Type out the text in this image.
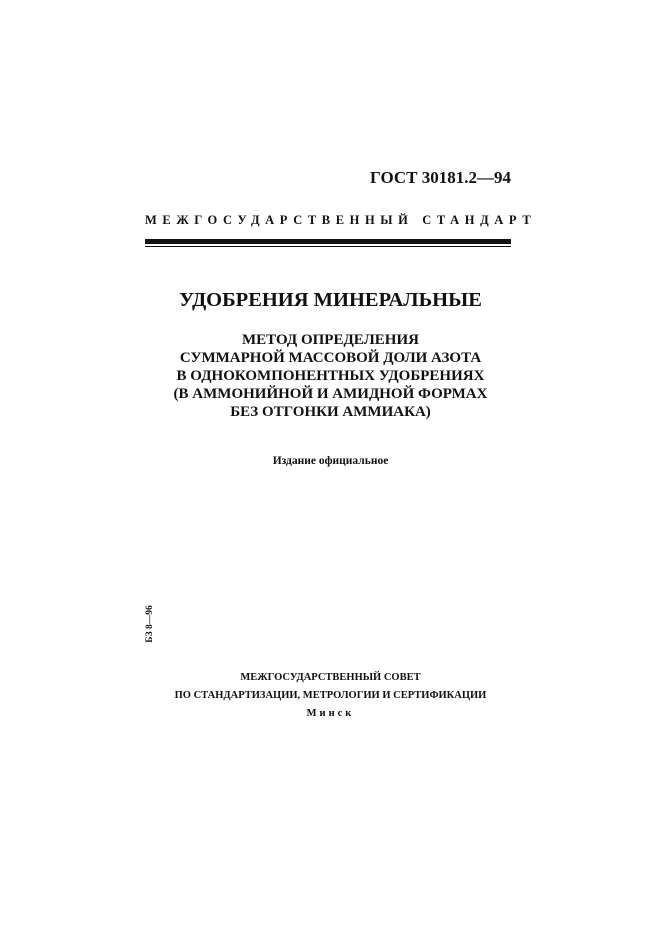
ГОСТ 30181.2—94
МЕЖГОСУДАРСТВЕННЫЙ СТАНДАРТ
УДОБРЕНИЯ МИНЕРАЛЬНЫЕ
МЕТОД ОПРЕДЕЛЕНИЯ
СУММАРНОЙ МАССОВОЙ ДОЛИ АЗОТА
В ОДНОКОМПОНЕНТНЫХ УДОБРЕНИЯХ
(В АММОНИЙНОЙ И АМИДНОЙ ФОРМАХ
БЕЗ ОТГОНКИ АММИАКА)
Издание официальное
БЗ 8—96
МЕЖГОСУДАРСТВЕННЫЙ СОВЕТ
ПО СТАНДАРТИЗАЦИИ, МЕТРОЛОГИИ И СЕРТИФИКАЦИИ
Минск
